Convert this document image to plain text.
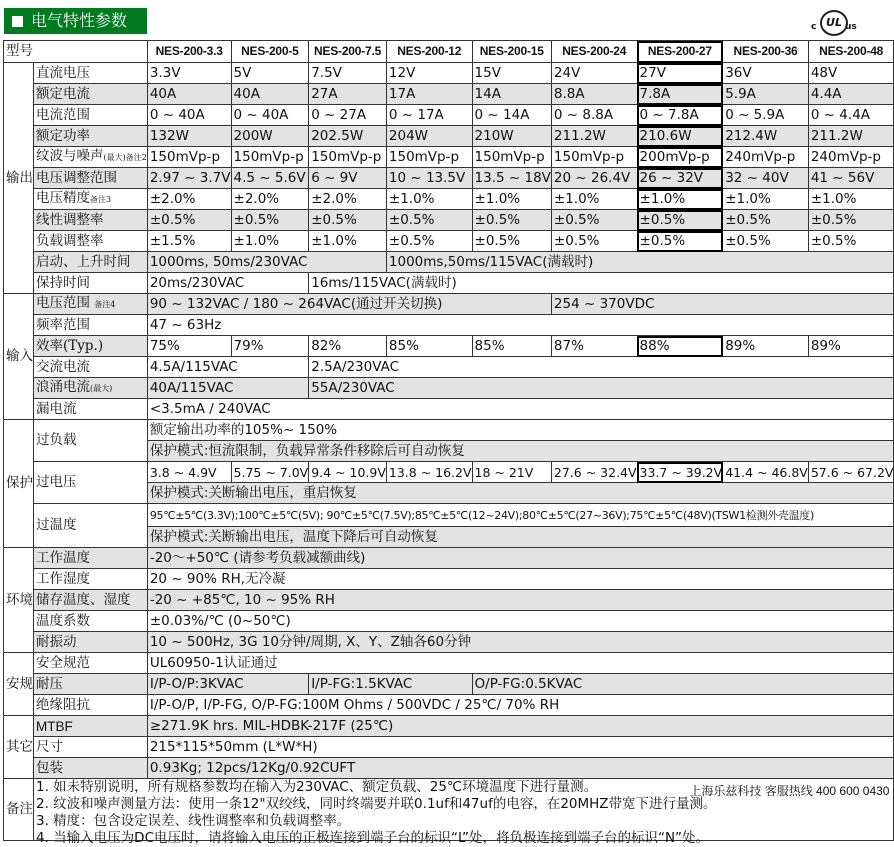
电气特性参数	c UL us
型号		NES-200-3.3	NES-200-5	NES-200-7.5	NES-200-12	NES-200-15	NES-200-24	NES-200-27	NES-200-36	NES-200-48
输出	直流电压	3.3V	5V	7.5V	12V	15V	24V	27V	36V	48V
	额定电流	40A	40A	27A	17A	14A	8.8A	7.8A	5.9A	4.4A
	电流范围	0 ~ 40A	0 ~ 40A	0 ~ 27A	0 ~ 17A	0 ~ 14A	0 ~ 8.8A	0 ~ 7.8A	0 ~ 5.9A	0 ~ 4.4A
	额定功率	132W	200W	202.5W	204W	210W	211.2W	210.6W	212.4W	211.2W
	纹波与噪声(最大)备注2	150mVp-p	150mVp-p	150mVp-p	150mVp-p	150mVp-p	150mVp-p	200mVp-p	240mVp-p	240mVp-p
	电压调整范围	2.97 ~ 3.7V	4.5 ~ 5.6V	6 ~ 9V	10 ~ 13.5V	13.5 ~ 18V	20 ~ 26.4V	26 ~ 32V	32 ~ 40V	41 ~ 56V
	电压精度备注3	±2.0%	±2.0%	±2.0%	±1.0%	±1.0%	±1.0%	±1.0%	±1.0%	±1.0%
	线性调整率	±0.5%	±0.5%	±0.5%	±0.5%	±0.5%	±0.5%	±0.5%	±0.5%	±0.5%
	负载调整率	±1.5%	±1.0%	±1.0%	±0.5%	±0.5%	±0.5%	±0.5%	±0.5%	±0.5%
	启动、上升时间	1000ms, 50ms/230VAC			1000ms,50ms/115VAC(满载时)					
	保持时间	20ms/230VAC		16ms/115VAC(满载时)						
输入	电压范围 备注4	90 ~ 132VAC / 180 ~ 264VAC(通过开关切换)					254 ~ 370VDC			
	频率范围	47 ~ 63Hz								
	效率(Typ.)	75%	79%	82%	85%	85%	87%	88%	89%	89%
	交流电流	4.5A/115VAC		2.5A/230VAC						
	浪涌电流(最大)	40A/115VAC		55A/230VAC						
	漏电流	<3.5mA / 240VAC								
保护	过负载	额定输出功率的105%~ 150%								
		保护模式:恒流限制，负载异常条件移除后可自动恢复								
	过电压	3.8 ~ 4.9V	5.75 ~ 7.0V	9.4 ~ 10.9V	13.8 ~ 16.2V	18 ~ 21V	27.6 ~ 32.4V	33.7 ~ 39.2V	41.4 ~ 46.8V	57.6 ~ 67.2V
		保护模式:关断输出电压，重启恢复								
	过温度	95℃±5℃(3.3V);100℃±5℃(5V); 90℃±5℃(7.5V);85℃±5℃(12~24V);80℃±5℃(27~36V);75℃±5℃(48V)(TSW1检测外壳温度)								
		保护模式:关断输出电压，温度下降后可自动恢复								
环境	工作温度	-20～+50℃ (请参考负载减额曲线)								
	工作湿度	20 ~ 90% RH,无冷凝								
	储存温度、湿度	-20 ~ +85℃, 10 ~ 95% RH								
	温度系数	±0.03%/℃ (0~50℃)								
	耐振动	10 ~ 500Hz, 3G 10分钟/周期, X、Y、Z轴各60分钟								
安规	安全规范	UL60950-1认证通过								
	耐压	I/P-O/P:3KVAC		I/P-FG:1.5KVAC		O/P-FG:0.5KVAC				
	绝缘阻抗	I/P-O/P, I/P-FG, O/P-FG:100M Ohms / 500VDC / 25℃/ 70% RH								
其它	MTBF	≥271.9K hrs. MIL-HDBK-217F (25℃)								
	尺寸	215*115*50mm (L*W*H)								
	包装	0.93Kg; 12pcs/12Kg/0.92CUFT								
备注	1. 如未特别说明，所有规格参数均在输入为230VAC、额定负载、25℃环境温度下进行量测。
2. 纹波和噪声测量方法：使用一条12"双绞线，同时终端要并联0.1uf和47uf的电容，在20MHZ带宽下进行量测。
3. 精度：包含设定误差、线性调整率和负载调整率。
4. 当输入电压为DC电压时，请将输入电压的正极连接到端子台的标识“L”处，将负极连接到端子台的标识“N”处。
上海乐兹科技 客服热线 400 600 0430									
